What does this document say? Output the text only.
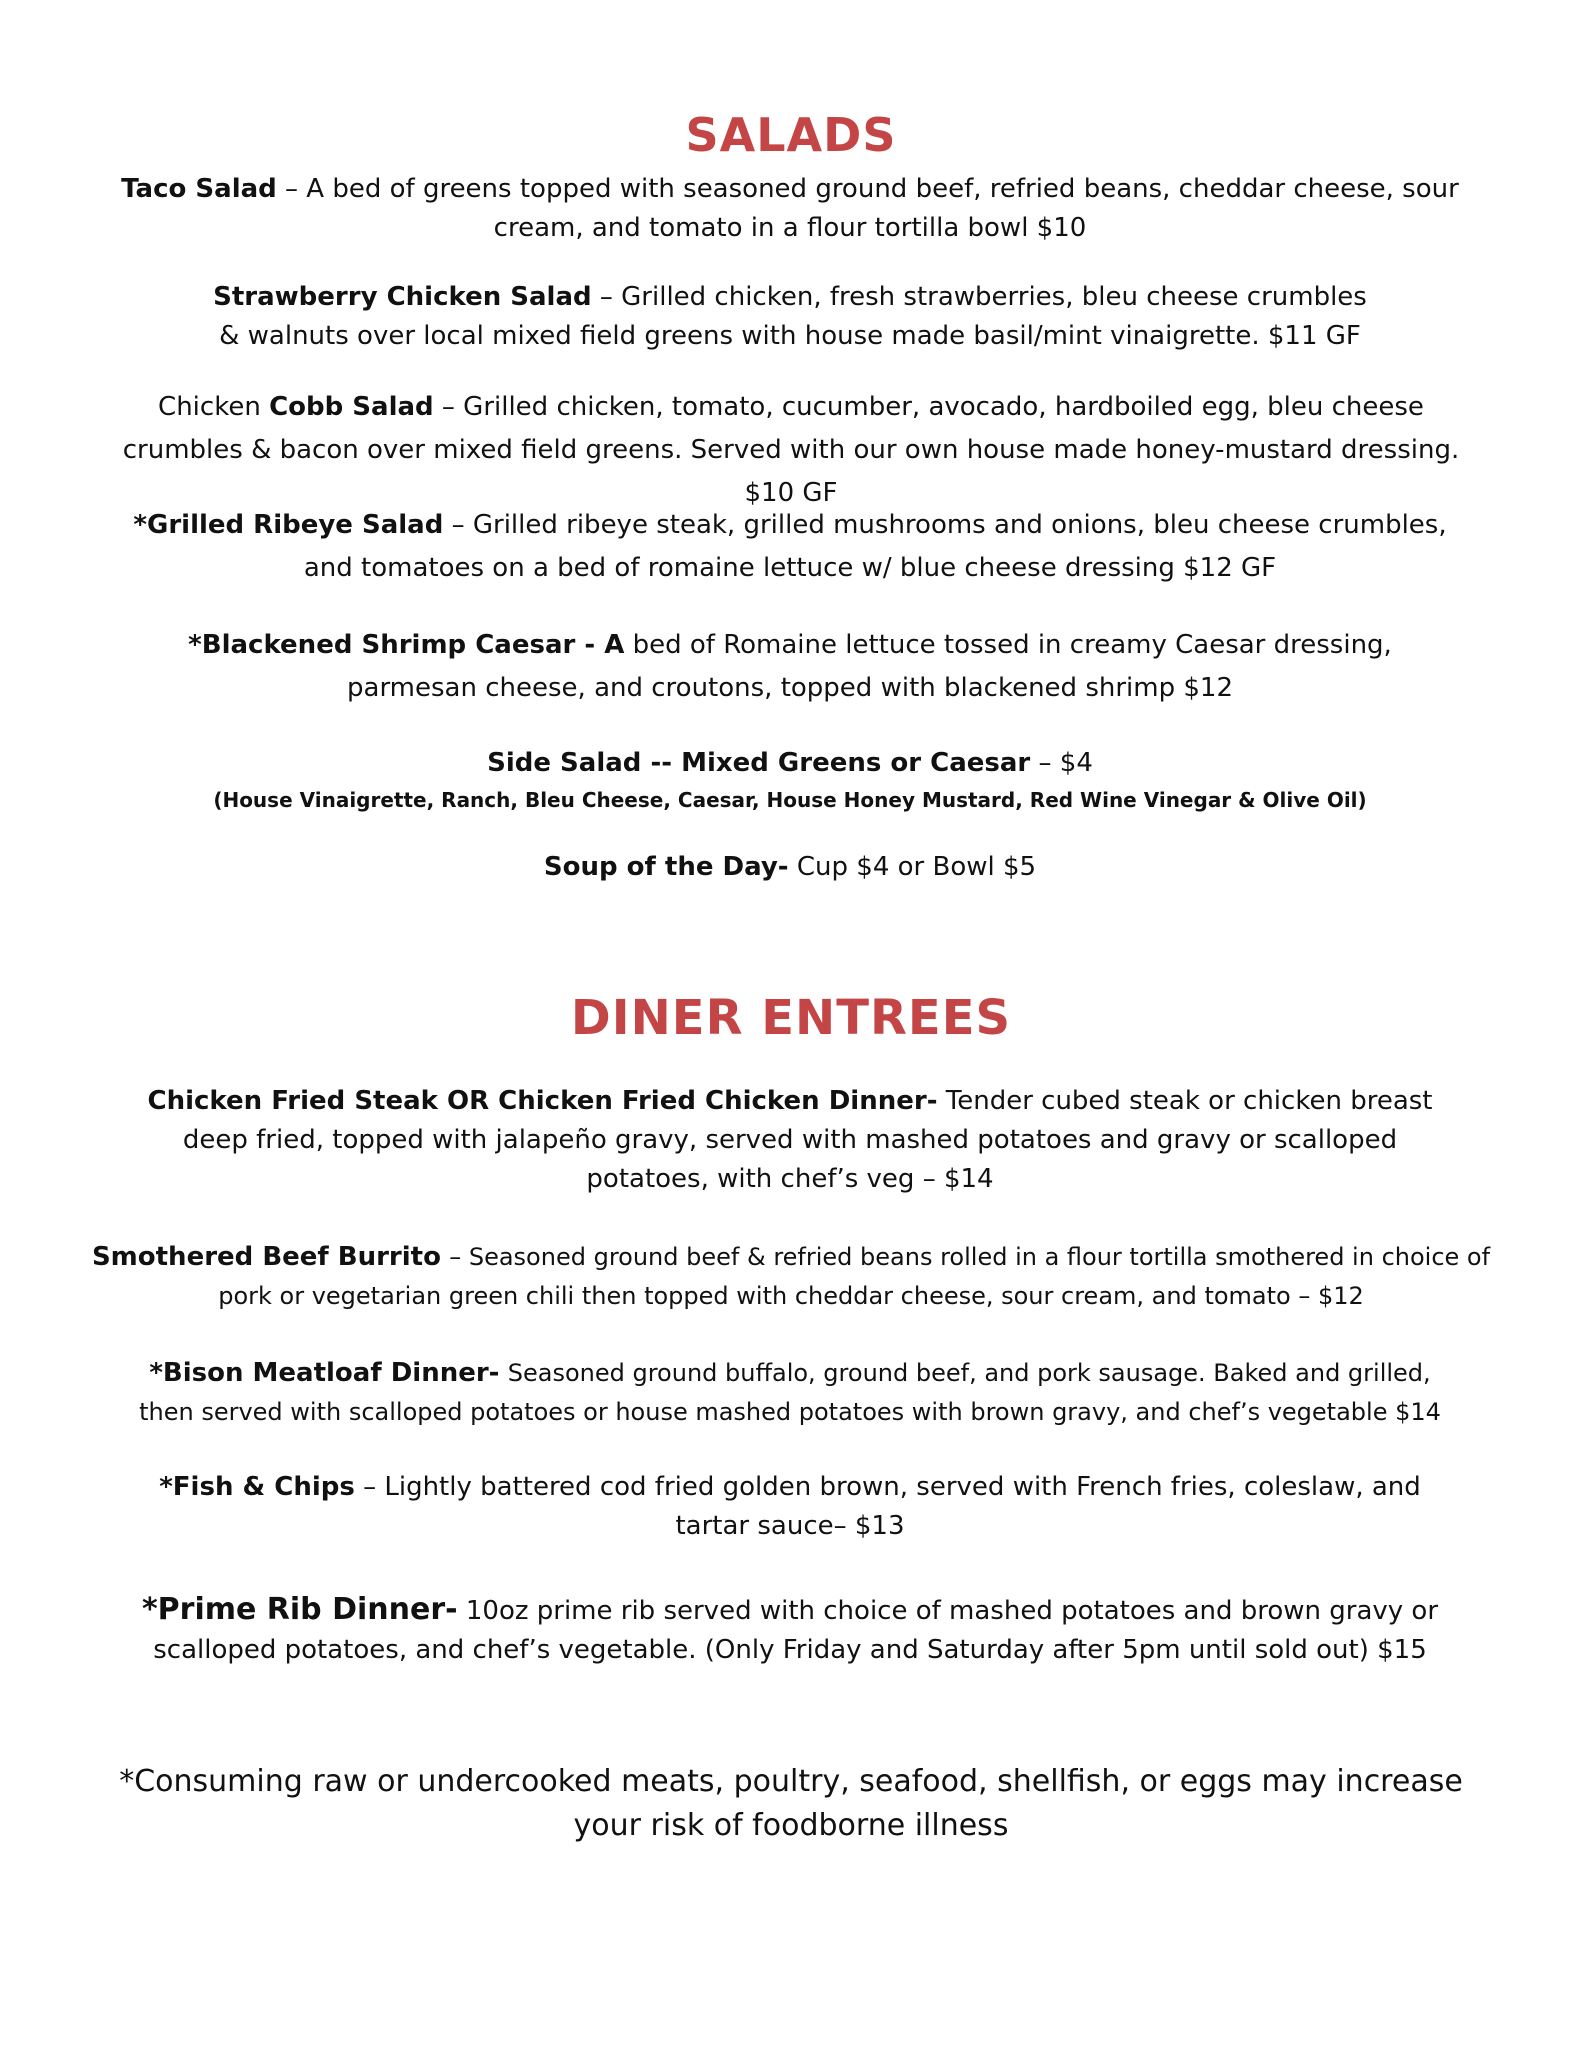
SALADS

Taco Salad – A bed of greens topped with seasoned ground beef, refried beans, cheddar cheese, sour cream, and tomato in a flour tortilla bowl $10

Strawberry Chicken Salad – Grilled chicken, fresh strawberries, bleu cheese crumbles & walnuts over local mixed field greens with house made basil/mint vinaigrette. $11 GF

Chicken Cobb Salad – Grilled chicken, tomato, cucumber, avocado, hardboiled egg, bleu cheese crumbles & bacon over mixed field greens. Served with our own house made honey-mustard dressing. $10 GF

*Grilled Ribeye Salad – Grilled ribeye steak, grilled mushrooms and onions, bleu cheese crumbles, and tomatoes on a bed of romaine lettuce w/ blue cheese dressing $12 GF

*Blackened Shrimp Caesar - A bed of Romaine lettuce tossed in creamy Caesar dressing, parmesan cheese, and croutons, topped with blackened shrimp $12

Side Salad -- Mixed Greens or Caesar – $4

(House Vinaigrette, Ranch, Bleu Cheese, Caesar, House Honey Mustard, Red Wine Vinegar & Olive Oil)

Soup of the Day- Cup $4 or Bowl $5

DINER ENTREES

Chicken Fried Steak OR Chicken Fried Chicken Dinner- Tender cubed steak or chicken breast deep fried, topped with jalapeño gravy, served with mashed potatoes and gravy or scalloped potatoes, with chef’s veg – $14

Smothered Beef Burrito – Seasoned ground beef & refried beans rolled in a flour tortilla smothered in choice of pork or vegetarian green chili then topped with cheddar cheese, sour cream, and tomato – $12

*Bison Meatloaf Dinner- Seasoned ground buffalo, ground beef, and pork sausage. Baked and grilled, then served with scalloped potatoes or house mashed potatoes with brown gravy, and chef’s vegetable $14

*Fish & Chips – Lightly battered cod fried golden brown, served with French fries, coleslaw, and tartar sauce– $13

*Prime Rib Dinner- 10oz prime rib served with choice of mashed potatoes and brown gravy or scalloped potatoes, and chef’s vegetable. (Only Friday and Saturday after 5pm until sold out) $15

*Consuming raw or undercooked meats, poultry, seafood, shellfish, or eggs may increase your risk of foodborne illness
